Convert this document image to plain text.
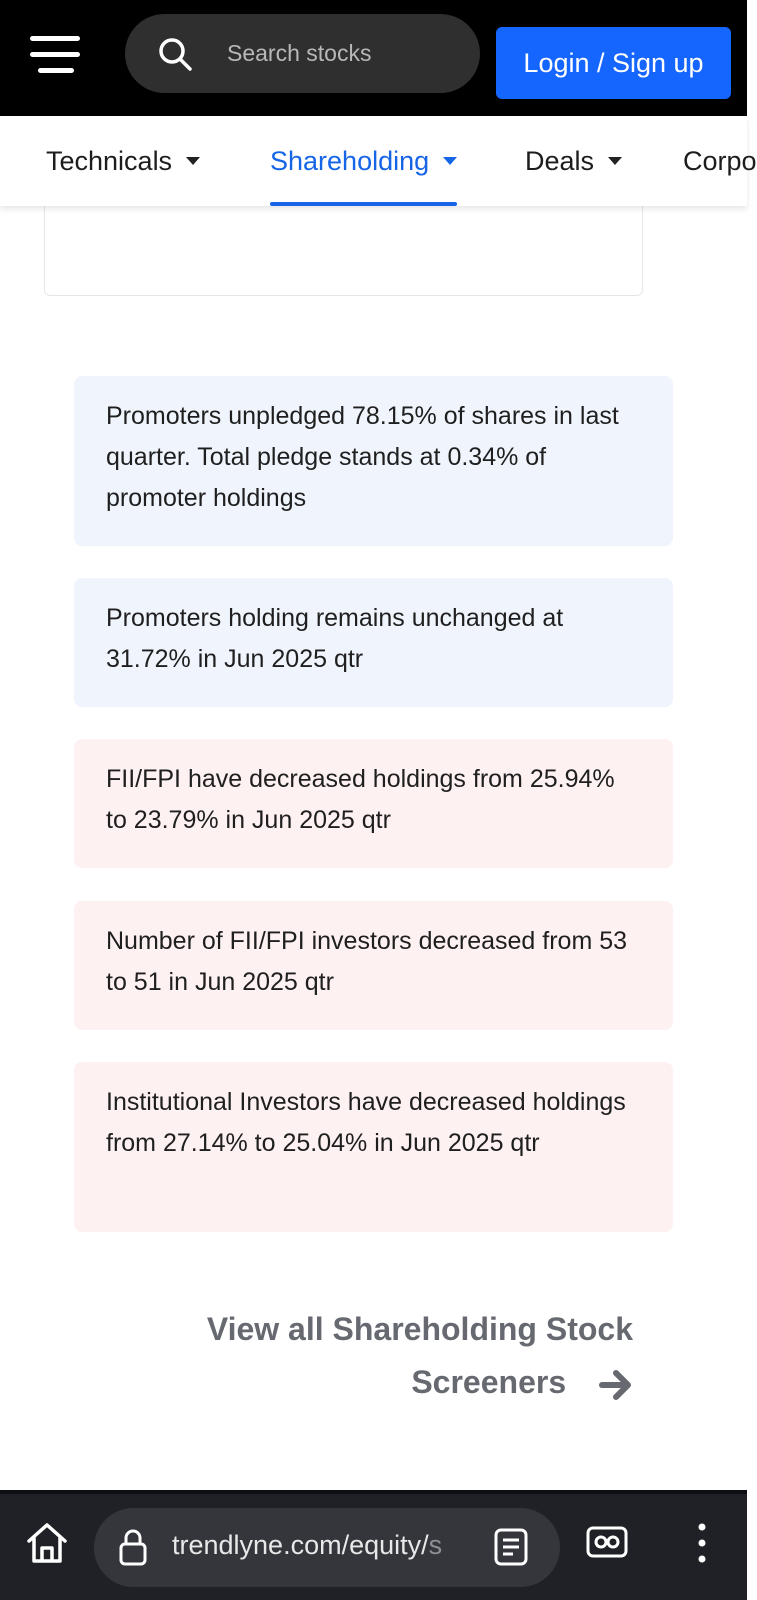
Search stocks	Login / Sign up
Technicals	Shareholding	Deals	Corpo
Promoters unpledged 78.15% of shares in last quarter. Total pledge stands at 0.34% of promoter holdings
Promoters holding remains unchanged at 31.72% in Jun 2025 qtr
FII/FPI have decreased holdings from 25.94% to 23.79% in Jun 2025 qtr
Number of FII/FPI investors decreased from 53 to 51 in Jun 2025 qtr
Institutional Investors have decreased holdings from 27.14% to 25.04% in Jun 2025 qtr
View all Shareholding Stock
Screeners
trendlyne.com/equity/s
